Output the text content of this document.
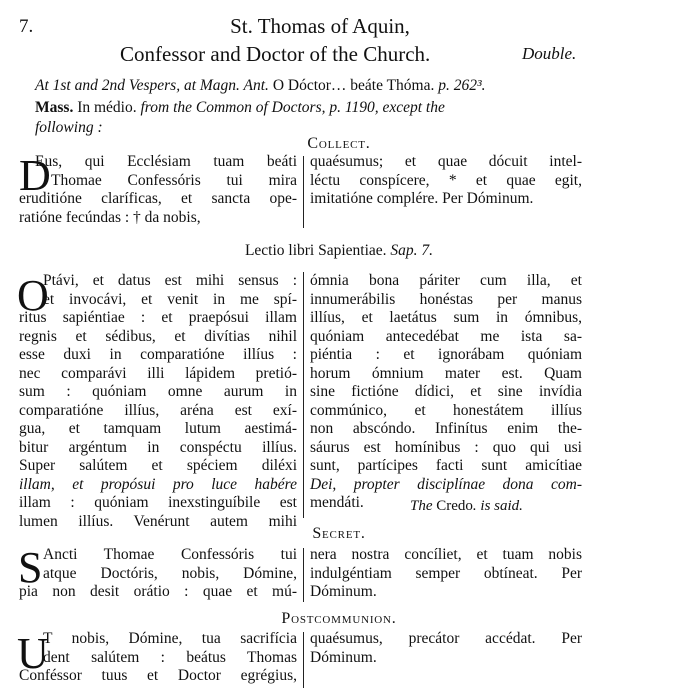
7.	St. Thomas of Aquin,
Confessor and Doctor of the Church.	Double.
At 1st and 2nd Vespers, at Magn. Ant. O Dóctor… beáte Thóma. p. 262³.
Mass. In médio. from the Common of Doctors, p. 1190, except the
following :
Collect.
D
Eus, qui Ecclésiam tuam beáti
Thomae Confessóris tui mira
eruditióne claríficas, et sancta ope-
ratióne fecúndas : † da nobis,
quaésumus; et quae dócuit intel-
léctu conspícere, * et quae egit,
imitatióne complére. Per Dóminum.
Lectio libri Sapientiae. Sap. 7.
O
Ptávi, et datus est mihi sensus :
et invocávi, et venit in me spí-
ritus sapiéntiae : et praepósui illam
regnis et sédibus, et divítias nihil
esse duxi in comparatióne illíus :
nec comparávi illi lápidem pretió-
sum : quóniam omne aurum in
comparatióne illíus, aréna est exí-
gua, et tamquam lutum aestimá-
bitur argéntum in conspéctu illíus.
Super salútem et spéciem diléxi
illam, et propósui pro luce habére
illam : quóniam inexstinguíbile est
lumen illíus. Venérunt autem mihi
ómnia bona páriter cum illa, et
innumerábilis honéstas per manus
illíus, et laetátus sum in ómnibus,
quóniam antecedébat me ista sa-
piéntia : et ignorábam quóniam
horum ómnium mater est. Quam
sine fictióne dídici, et sine invídia
commúnico, et honestátem illíus
non abscóndo. Infinítus enim the-
sáurus est homínibus : quo qui usi
sunt, partícipes facti sunt amicítiae
Dei, propter disciplínae dona com-
mendáti.	The Credo. is said.
Secret.
S Ancti Thomae Confessóris tui
atque Doctóris, nobis, Dómine,
pia non desit orátio : quae et mú-
nera nostra concíliet, et tuam nobis
indulgéntiam semper obtíneat. Per
Dóminum.
Postcommunion.
U
T nobis, Dómine, tua sacrifícia
dent salútem : beátus Thomas
Conféssor tuus et Doctor egrégius,
quaésumus, precátor accédat. Per
Dóminum.
